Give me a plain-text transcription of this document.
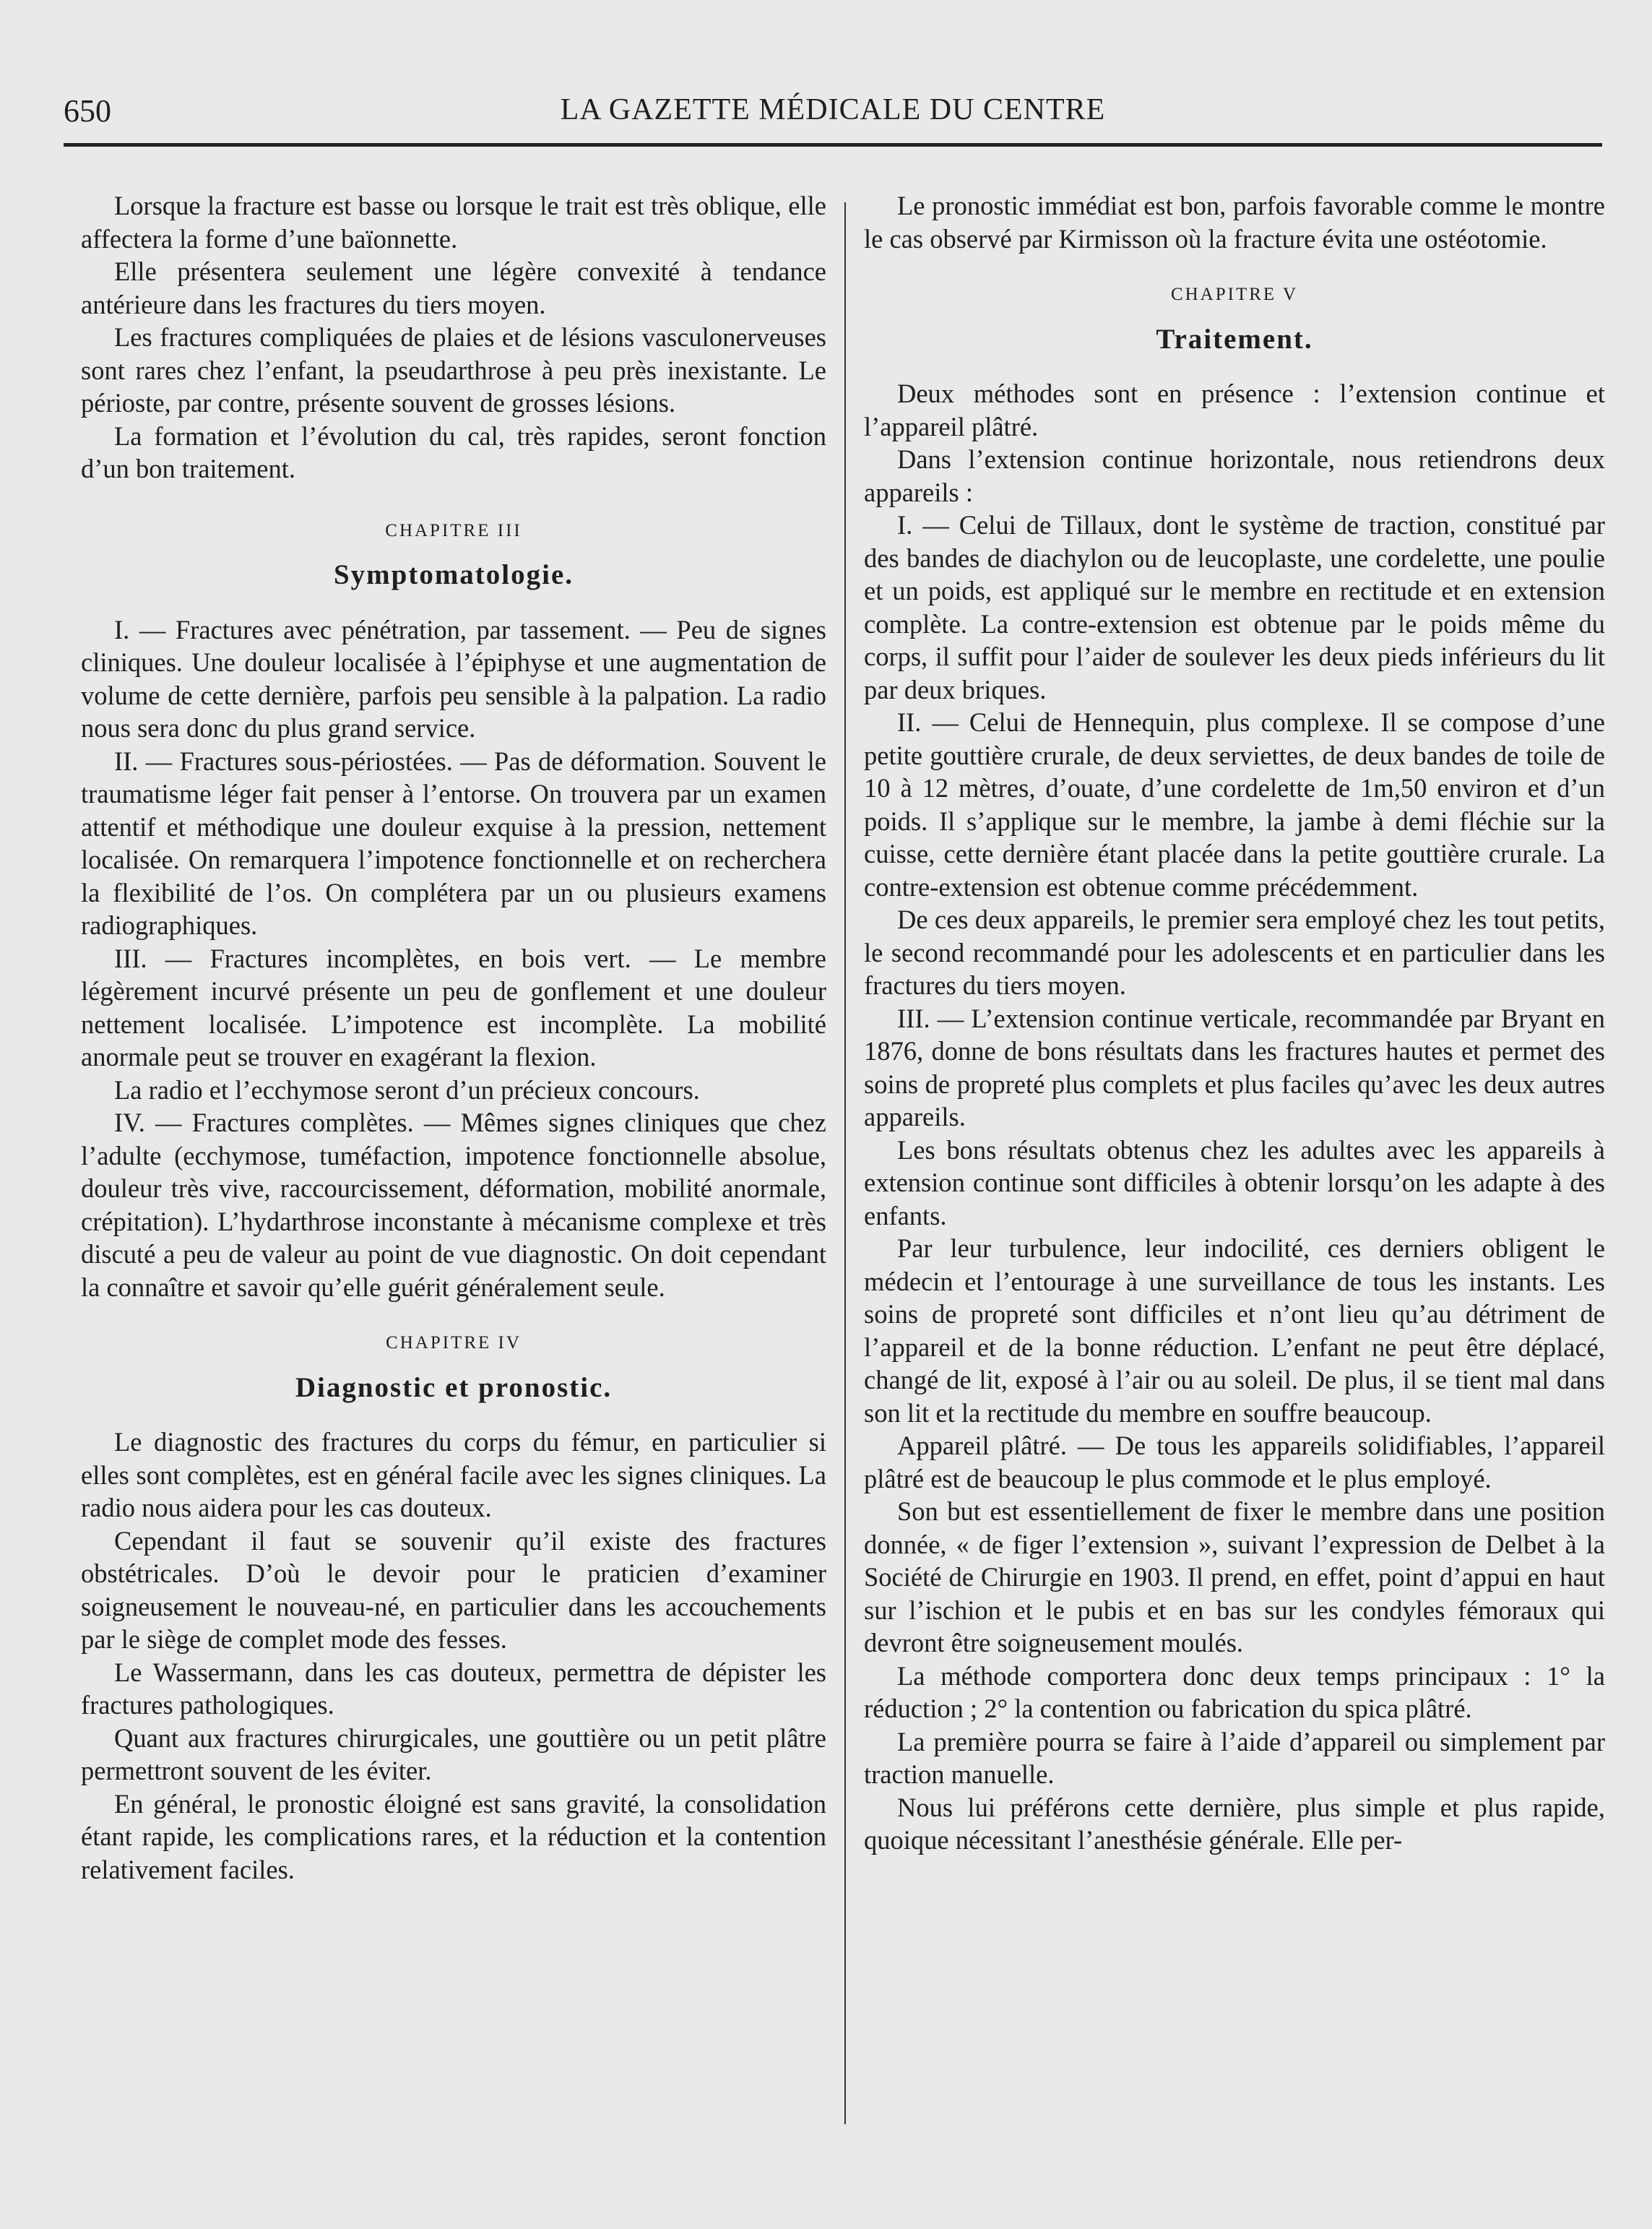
650	LA GAZETTE MÉDICALE DU CENTRE

Lorsque la fracture est basse ou lorsque le trait est très oblique, elle affectera la forme d’une baïonnette.

Elle présentera seulement une légère convexité à tendance antérieure dans les fractures du tiers moyen.

Les fractures compliquées de plaies et de lésions vasculonerveuses sont rares chez l’enfant, la pseudarthrose à peu près inexistante. Le périoste, par contre, présente souvent de grosses lésions.

La formation et l’évolution du cal, très rapides, seront fonction d’un bon traitement.

CHAPITRE III
Symptomatologie.

I. — Fractures avec pénétration, par tassement. — Peu de signes cliniques. Une douleur localisée à l’épiphyse et une augmentation de volume de cette dernière, parfois peu sensible à la palpation. La radio nous sera donc du plus grand service.

II. — Fractures sous-périostées. — Pas de déformation. Souvent le traumatisme léger fait penser à l’entorse. On trouvera par un examen attentif et méthodique une douleur exquise à la pression, nettement localisée. On remarquera l’impotence fonctionnelle et on recherchera la flexibilité de l’os. On complétera par un ou plusieurs examens radiographiques.

III. — Fractures incomplètes, en bois vert. — Le membre légèrement incurvé présente un peu de gonflement et une douleur nettement localisée. L’impotence est incomplète. La mobilité anormale peut se trouver en exagérant la flexion.

La radio et l’ecchymose seront d’un précieux concours.

IV. — Fractures complètes. — Mêmes signes cliniques que chez l’adulte (ecchymose, tuméfaction, impotence fonctionnelle absolue, douleur très vive, raccourcissement, déformation, mobilité anormale, crépitation). L’hydarthrose inconstante à mécanisme complexe et très discuté a peu de valeur au point de vue diagnostic. On doit cependant la connaître et savoir qu’elle guérit généralement seule.

CHAPITRE IV
Diagnostic et pronostic.

Le diagnostic des fractures du corps du fémur, en particulier si elles sont complètes, est en général facile avec les signes cliniques. La radio nous aidera pour les cas douteux.

Cependant il faut se souvenir qu’il existe des fractures obstétricales. D’où le devoir pour le praticien d’examiner soigneusement le nouveau-né, en particulier dans les accouchements par le siège de complet mode des fesses.

Le Wassermann, dans les cas douteux, permettra de dépister les fractures pathologiques.

Quant aux fractures chirurgicales, une gouttière ou un petit plâtre permettront souvent de les éviter.

En général, le pronostic éloigné est sans gravité, la consolidation étant rapide, les complications rares, et la réduction et la contention relativement faciles.

Le pronostic immédiat est bon, parfois favorable comme le montre le cas observé par Kirmisson où la fracture évita une ostéotomie.

CHAPITRE V
Traitement.

Deux méthodes sont en présence : l’extension continue et l’appareil plâtré.

Dans l’extension continue horizontale, nous retiendrons deux appareils :

I. — Celui de Tillaux, dont le système de traction, constitué par des bandes de diachylon ou de leucoplaste, une cordelette, une poulie et un poids, est appliqué sur le membre en rectitude et en extension complète. La contre-extension est obtenue par le poids même du corps, il suffit pour l’aider de soulever les deux pieds inférieurs du lit par deux briques.

II. — Celui de Hennequin, plus complexe. Il se compose d’une petite gouttière crurale, de deux serviettes, de deux bandes de toile de 10 à 12 mètres, d’ouate, d’une cordelette de 1m,50 environ et d’un poids. Il s’applique sur le membre, la jambe à demi fléchie sur la cuisse, cette dernière étant placée dans la petite gouttière crurale. La contre-extension est obtenue comme précédemment.

De ces deux appareils, le premier sera employé chez les tout petits, le second recommandé pour les adolescents et en particulier dans les fractures du tiers moyen.

III. — L’extension continue verticale, recommandée par Bryant en 1876, donne de bons résultats dans les fractures hautes et permet des soins de propreté plus complets et plus faciles qu’avec les deux autres appareils.

Les bons résultats obtenus chez les adultes avec les appareils à extension continue sont difficiles à obtenir lorsqu’on les adapte à des enfants.

Par leur turbulence, leur indocilité, ces derniers obligent le médecin et l’entourage à une surveillance de tous les instants. Les soins de propreté sont difficiles et n’ont lieu qu’au détriment de l’appareil et de la bonne réduction. L’enfant ne peut être déplacé, changé de lit, exposé à l’air ou au soleil. De plus, il se tient mal dans son lit et la rectitude du membre en souffre beaucoup.

Appareil plâtré. — De tous les appareils solidifiables, l’appareil plâtré est de beaucoup le plus commode et le plus employé.

Son but est essentiellement de fixer le membre dans une position donnée, « de figer l’extension », suivant l’expression de Delbet à la Société de Chirurgie en 1903. Il prend, en effet, point d’appui en haut sur l’ischion et le pubis et en bas sur les condyles fémoraux qui devront être soigneusement moulés.

La méthode comportera donc deux temps principaux : 1° la réduction ; 2° la contention ou fabrication du spica plâtré.

La première pourra se faire à l’aide d’appareil ou simplement par traction manuelle.

Nous lui préférons cette dernière, plus simple et plus rapide, quoique nécessitant l’anesthésie générale. Elle per-
